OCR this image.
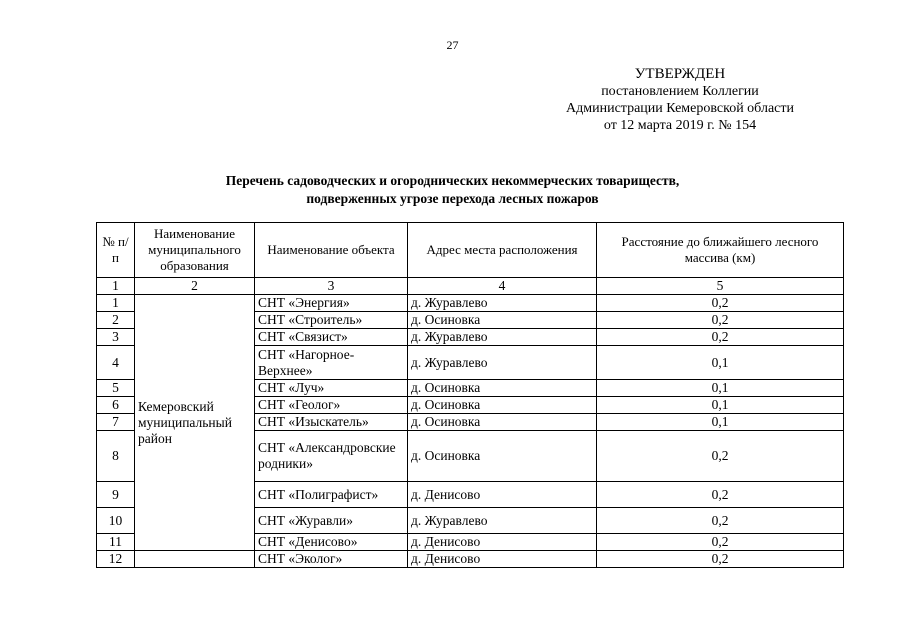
27
УТВЕРЖДЕН
постановлением Коллегии
Администрации Кемеровской области
от 12 марта 2019 г. № 154
Перечень садоводческих и огороднических некоммерческих товариществ,
подверженных угрозе перехода лесных пожаров
№ п/п	Наименование муниципального образования	Наименование объекта	Адрес места расположения	Расстояние до ближайшего лесного массива (км)
1	2	3	4	5
1	Кемеровский муниципальный район	СНТ «Энергия»	д. Журавлево	0,2
2		СНТ «Строитель»	д. Осиновка	0,2
3		СНТ «Связист»	д. Журавлево	0,2
4		СНТ «Нагорное-Верхнее»	д. Журавлево	0,1
5		СНТ «Луч»	д. Осиновка	0,1
6		СНТ «Геолог»	д. Осиновка	0,1
7		СНТ «Изыскатель»	д. Осиновка	0,1
8		СНТ «Александровские родники»	д. Осиновка	0,2
9		СНТ «Полиграфист»	д. Денисово	0,2
10		СНТ «Журавли»	д. Журавлево	0,2
11		СНТ «Денисово»	д. Денисово	0,2
12		СНТ «Эколог»	д. Денисово	0,2
